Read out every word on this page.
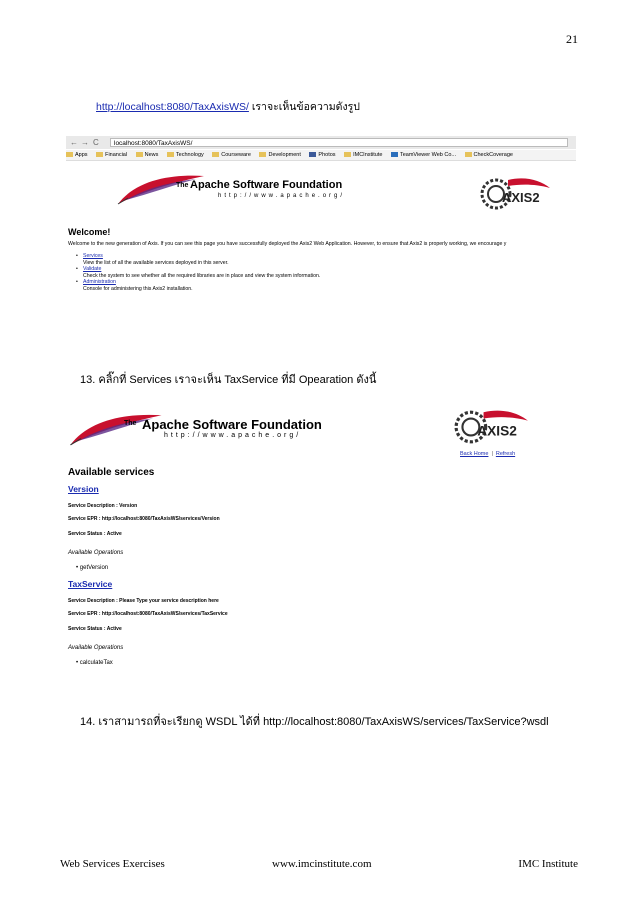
21
http://localhost:8080/TaxAxisWS/ เราจะเห็นข้อความดังรูป
← → C	localhost:8080/TaxAxisWS/
Apps	Financial	News	Technology	Courseware	Development	Photos	IMCInstitute	TeamViewer Web Co...	CheckCoverage
The Apache Software Foundation
http://www.apache.org/	AXIS2
Welcome!
Welcome to the new generation of Axis. If you can see this page you have successfully deployed the Axis2 Web Application. However, to ensure that Axis2 is properly working, we encourage y
• Services
View the list of all the available services deployed in this server.
• Validate
Check the system to see whether all the required libraries are in place and view the system information.
• Administration
Console for administering this Axis2 installation.
13. คลิ๊กที่ Services เราจะเห็น TaxService ที่มี Opearation ดังนี้
The Apache Software Foundation
http://www.apache.org/	AXIS2
Back Home | Refresh
Available services
Version
Service Description : Version
Service EPR : http://localhost:8080/TaxAxisWS/services/Version
Service Status : Active
Available Operations
• getVersion
TaxService
Service Description : Please Type your service description here
Service EPR : http://localhost:8080/TaxAxisWS/services/TaxService
Service Status : Active
Available Operations
• calculateTax
14. เราสามารถที่จะเรียกดู WSDL ได้ที่ http://localhost:8080/TaxAxisWS/services/TaxService?wsdl
Web Services Exercises	www.imcinstitute.com	IMC Institute
